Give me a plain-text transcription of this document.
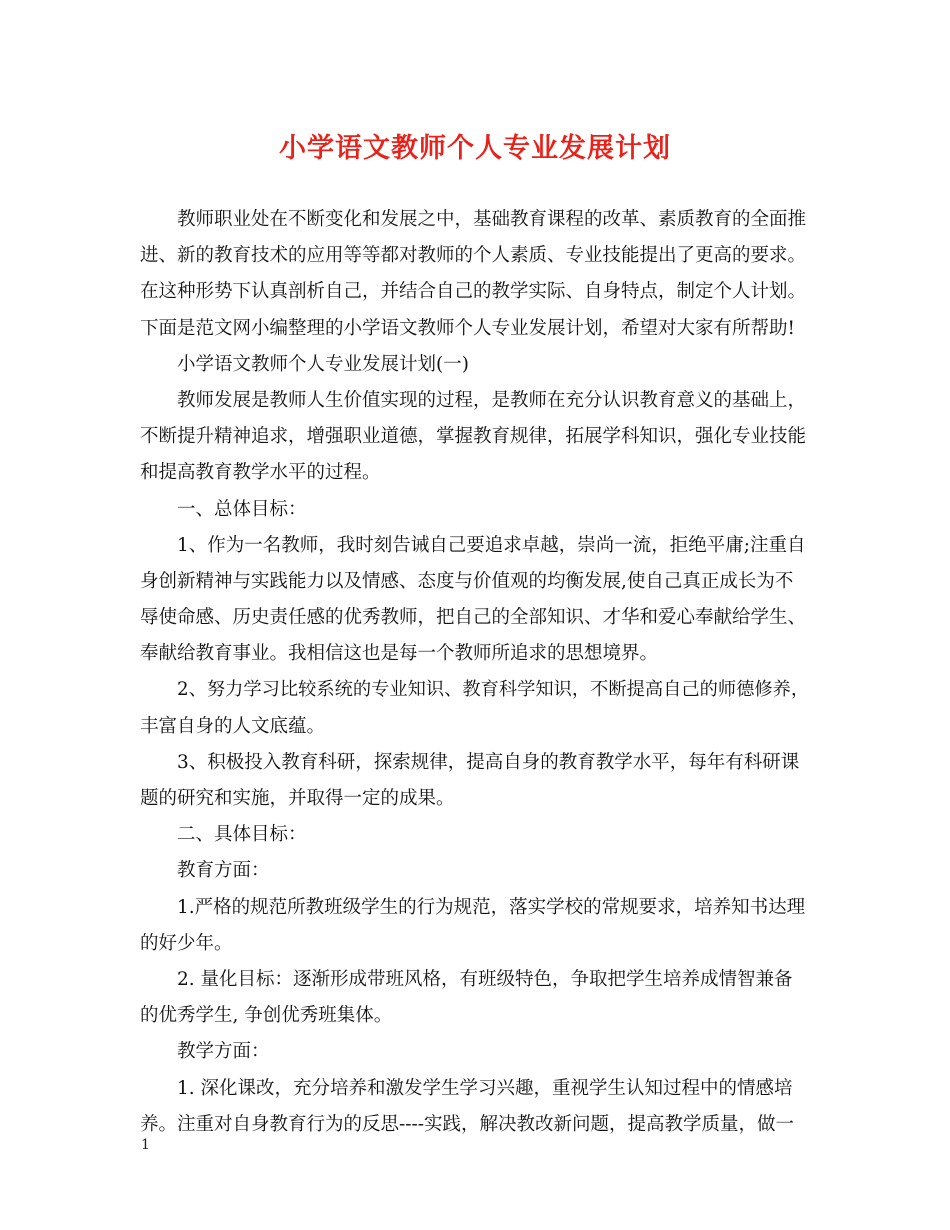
小学语文教师个人专业发展计划
教师职业处在不断变化和发展之中，基础教育课程的改革、素质教育的全面推
进、新的教育技术的应用等等都对教师的个人素质、专业技能提出了更高的要求。
在这种形势下认真剖析自己，并结合自己的教学实际、自身特点，制定个人计划。
下面是范文网小编整理的小学语文教师个人专业发展计划，希望对大家有所帮助!
小学语文教师个人专业发展计划(一)
教师发展是教师人生价值实现的过程，是教师在充分认识教育意义的基础上，
不断提升精神追求，增强职业道德，掌握教育规律，拓展学科知识，强化专业技能
和提高教育教学水平的过程。
一、总体目标：
1、作为一名教师，我时刻告诫自己要追求卓越，崇尚一流，拒绝平庸;注重自
身创新精神与实践能力以及情感、态度与价值观的均衡发展,使自己真正成长为不
辱使命感、历史责任感的优秀教师，把自己的全部知识、才华和爱心奉献给学生、
奉献给教育事业。我相信这也是每一个教师所追求的思想境界。
2、努力学习比较系统的专业知识、教育科学知识，不断提高自己的师德修养，
丰富自身的人文底蕴。
3、积极投入教育科研，探索规律，提高自身的教育教学水平，每年有科研课
题的研究和实施，并取得一定的成果。
二、具体目标：
教育方面：
1.严格的规范所教班级学生的行为规范，落实学校的常规要求，培养知书达理
的好少年。
2. 量化目标：逐渐形成带班风格，有班级特色，争取把学生培养成情智兼备
的优秀学生, 争创优秀班集体。
教学方面：
1. 深化课改，充分培养和激发学生学习兴趣，重视学生认知过程中的情感培
养。注重对自身教育行为的反思----实践，解决教改新问题，提高教学质量，做一
1
